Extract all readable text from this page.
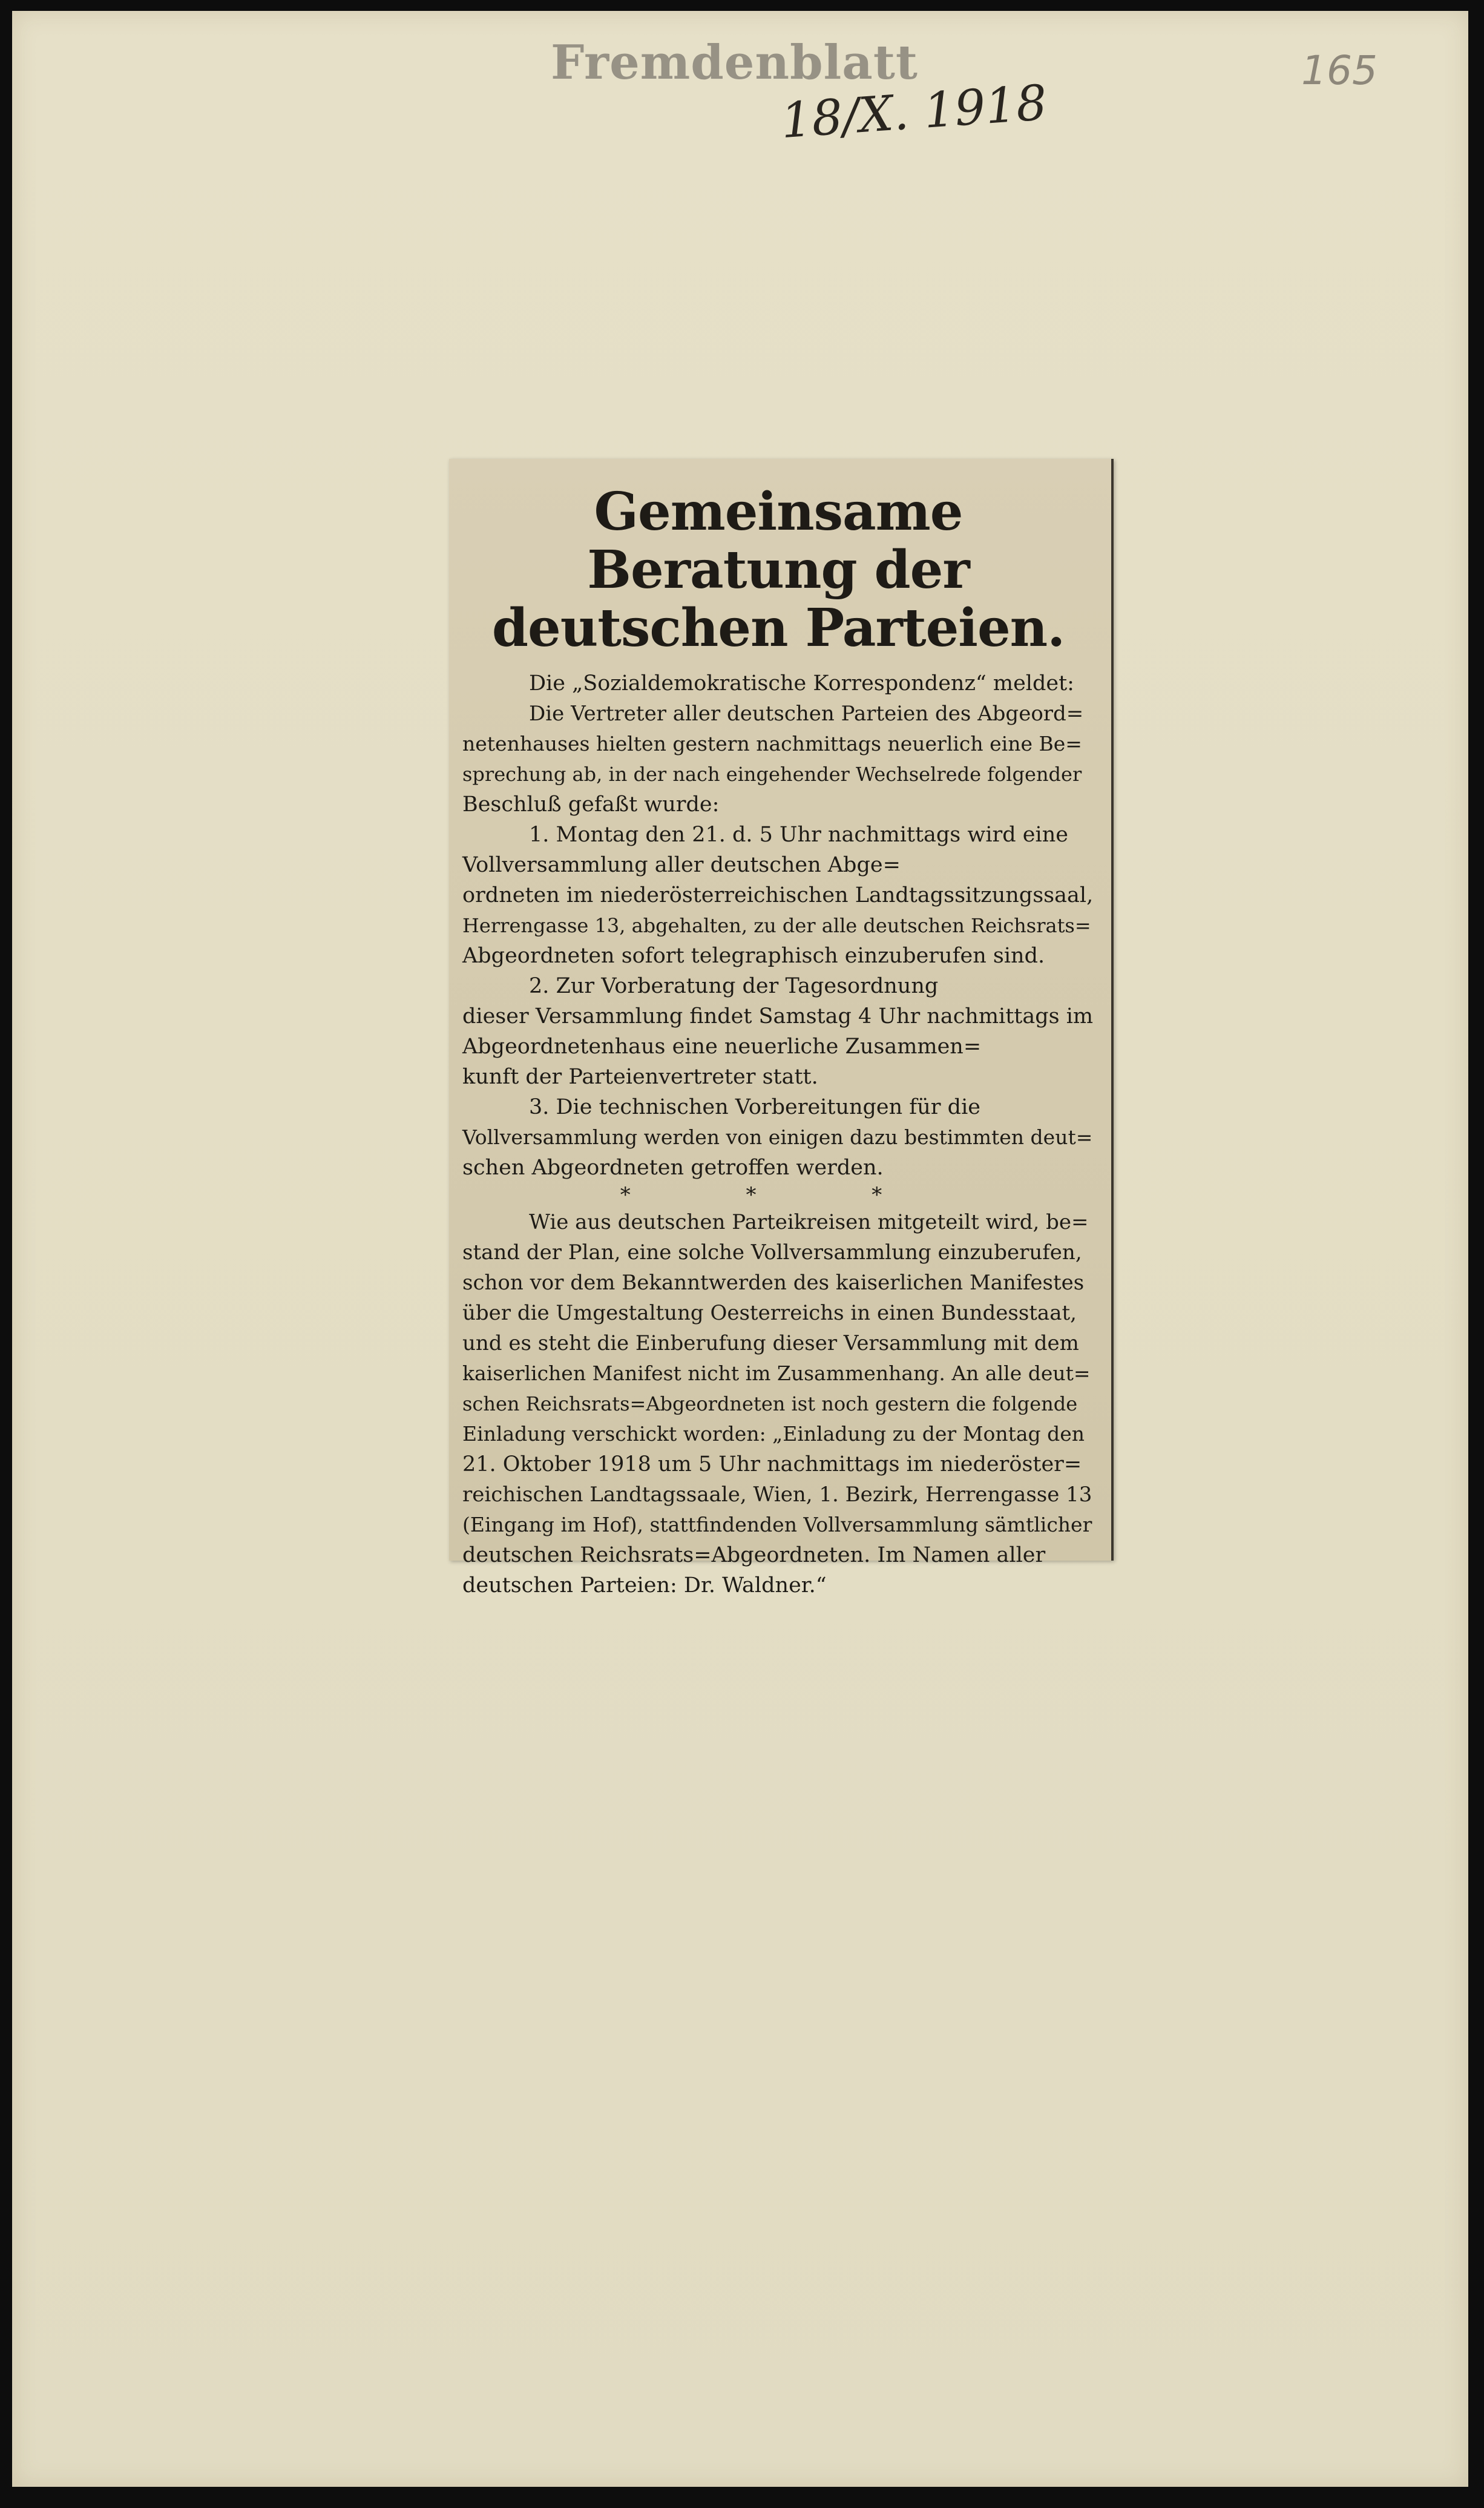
Fremdenblatt
18/X. 1918
165
Gemeinsame Beratung der
deutschen Parteien.

Die „Sozialdemokratische Korrespondenz“ meldet:

Die Vertreter aller deutschen Parteien des Abgeord=

netenhauses hielten gestern nachmittags neuerlich eine Be=

sprechung ab, in der nach eingehender Wechselrede folgender

Beschluß gefaßt wurde:

1. Montag den 21. d. 5 Uhr nachmittags wird eine

Vollversammlung aller deutschen Abge=

ordneten im niederösterreichischen Landtagssitzungssaal,

Herrengasse 13, abgehalten, zu der alle deutschen Reichsrats=

Abgeordneten sofort telegraphisch einzuberufen sind.

2. Zur Vorberatung der Tagesordnung

dieser Versammlung findet Samstag 4 Uhr nachmittags im

Abgeordnetenhaus eine neuerliche Zusammen=

kunft der Parteienvertreter statt.

3. Die technischen Vorbereitungen für die

Vollversammlung werden von einigen dazu bestimmten deut=

schen Abgeordneten getroffen werden.

* * *

Wie aus deutschen Parteikreisen mitgeteilt wird, be=

stand der Plan, eine solche Vollversammlung einzuberufen,

schon vor dem Bekanntwerden des kaiserlichen Manifestes

über die Umgestaltung Oesterreichs in einen Bundesstaat,

und es steht die Einberufung dieser Versammlung mit dem

kaiserlichen Manifest nicht im Zusammenhang. An alle deut=

schen Reichsrats=Abgeordneten ist noch gestern die folgende

Einladung verschickt worden: „Einladung zu der Montag den

21. Oktober 1918 um 5 Uhr nachmittags im niederöster=

reichischen Landtagssaale, Wien, 1. Bezirk, Herrengasse 13

(Eingang im Hof), stattfindenden Vollversammlung sämtlicher

deutschen Reichsrats=Abgeordneten. Im Namen aller

deutschen Parteien: Dr. Waldner.“
